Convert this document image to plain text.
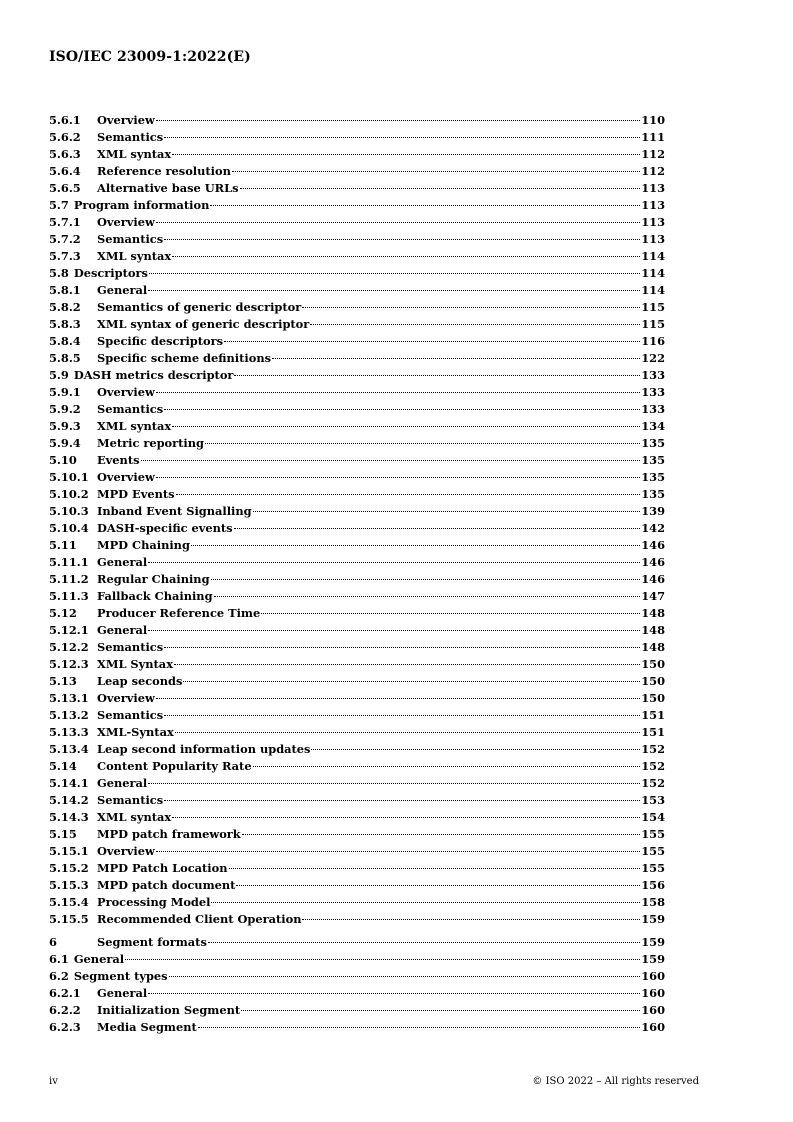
ISO/IEC 23009-1:2022(E)
5.6.1	Overview	110
5.6.2	Semantics	111
5.6.3	XML syntax	112
5.6.4	Reference resolution	112
5.6.5	Alternative base URLs	113
5.7 Program information	113
5.7.1	Overview	113
5.7.2	Semantics	113
5.7.3	XML syntax	114
5.8 Descriptors	114
5.8.1	General	114
5.8.2	Semantics of generic descriptor	115
5.8.3	XML syntax of generic descriptor	115
5.8.4	Specific descriptors	116
5.8.5	Specific scheme definitions	122
5.9 DASH metrics descriptor	133
5.9.1	Overview	133
5.9.2	Semantics	133
5.9.3	XML syntax	134
5.9.4	Metric reporting	135
5.10	Events	135
5.10.1 Overview	135
5.10.2 MPD Events	135
5.10.3 Inband Event Signalling	139
5.10.4 DASH-specific events	142
5.11	MPD Chaining	146
5.11.1 General	146
5.11.2 Regular Chaining	146
5.11.3 Fallback Chaining	147
5.12	Producer Reference Time	148
5.12.1 General	148
5.12.2 Semantics	148
5.12.3 XML Syntax	150
5.13	Leap seconds	150
5.13.1 Overview	150
5.13.2 Semantics	151
5.13.3 XML-Syntax	151
5.13.4 Leap second information updates	152
5.14	Content Popularity Rate	152
5.14.1 General	152
5.14.2 Semantics	153
5.14.3 XML syntax	154
5.15	MPD patch framework	155
5.15.1 Overview	155
5.15.2 MPD Patch Location	155
5.15.3 MPD patch document	156
5.15.4 Processing Model	158
5.15.5 Recommended Client Operation	159
6	Segment formats	159
6.1 General	159
6.2 Segment types	160
6.2.1	General	160
6.2.2	Initialization Segment	160
6.2.3	Media Segment	160
iv	© ISO 2022 – All rights reserved
